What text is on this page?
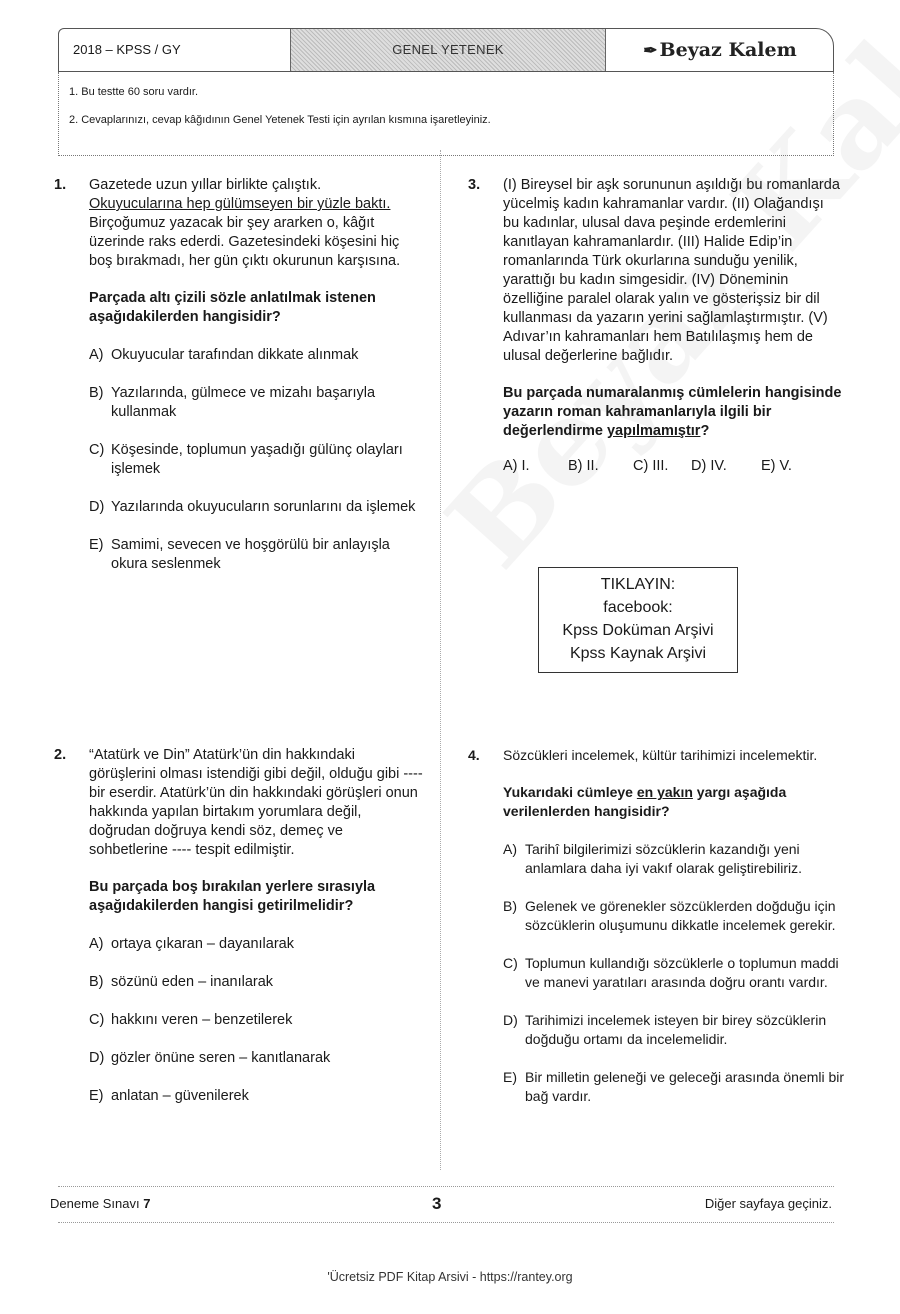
2018 – KPSS / GY	GENEL YETENEK	✒ Beyaz Kalem
1. Bu testte 60 soru vardır.
2. Cevaplarınızı, cevap kâğıdının Genel Yetenek Testi için ayrılan kısmına işaretleyiniz.
1. Gazetede uzun yıllar birlikte çalıştık.
Okuyucularına hep gülümseyen bir yüzle baktı.
Birçoğumuz yazacak bir şey ararken o, kâğıt üzerinde raks ederdi. Gazetesindeki köşesini hiç boş bırakmadı, her gün çıktı okurunun karşısına.

Parçada altı çizili sözle anlatılmak istenen aşağıdakilerden hangisidir?

A) Okuyucular tarafından dikkate alınmak

B) Yazılarında, gülmece ve mizahı başarıyla kullanmak

C) Köşesinde, toplumun yaşadığı gülünç olayları işlemek

D) Yazılarında okuyucuların sorunlarını da işlemek

E) Samimi, sevecen ve hoşgörülü bir anlayışla okura seslenmek

3. (I) Bireysel bir aşk sorununun aşıldığı bu romanlarda yücelmiş kadın kahramanlar vardır. (II) Olağandışı bu kadınlar, ulusal dava peşinde erdemlerini kanıtlayan kahramanlardır. (III) Halide Edip’in romanlarında Türk okurlarına sunduğu yenilik, yarattığı bu kadın simgesidir. (IV) Döneminin özelliğine paralel olarak yalın ve gösterişsiz bir dil kullanması da yazarın yerini sağlamlaştırmıştır. (V) Adıvar’ın kahramanları hem Batılılaşmış hem de ulusal değerlerine bağlıdır.

Bu parçada numaralanmış cümlelerin hangisinde yazarın roman kahramanlarıyla ilgili bir değerlendirme yapılmamıştır?

A) I.	B) II.	C) III.	D) IV.	E) V.

TIKLAYIN:
facebook:
Kpss Doküman Arşivi
Kpss Kaynak Arşivi
2. “Atatürk ve Din” Atatürk’ün din hakkındaki görüşlerini olması istendiği gibi değil, olduğu gibi ---- bir eserdir. Atatürk’ün din hakkındaki görüşleri onun hakkında yapılan birtakım yorumlara değil, doğrudan doğruya kendi söz, demeç ve sohbetlerine ---- tespit edilmiştir.

Bu parçada boş bırakılan yerlere sırasıyla aşağıdakilerden hangisi getirilmelidir?

A) ortaya çıkaran – dayanılarak

B) sözünü eden – inanılarak

C) hakkını veren – benzetilerek

D) gözler önüne seren – kanıtlanarak

E) anlatan – güvenilerek

4. Sözcükleri incelemek, kültür tarihimizi incelemektir.

Yukarıdaki cümleye en yakın yargı aşağıda verilenlerden hangisidir?

A) Tarihî bilgilerimizi sözcüklerin kazandığı yeni anlamlara daha iyi vakıf olarak geliştirebiliriz.

B) Gelenek ve görenekler sözcüklerden doğduğu için sözcüklerin oluşumunu dikkatle incelemek gerekir.

C) Toplumun kullandığı sözcüklerle o toplumun maddi ve manevi yaratıları arasında doğru orantı vardır.

D) Tarihimizi incelemek isteyen bir birey sözcüklerin doğduğu ortamı da incelemelidir.

E) Bir milletin geleneği ve geleceği arasında önemli bir bağ vardır.

Deneme Sınavı 7	3	Diğer sayfaya geçiniz.
'Ücretsiz PDF Kitap Arsivi - https://rantey.org
